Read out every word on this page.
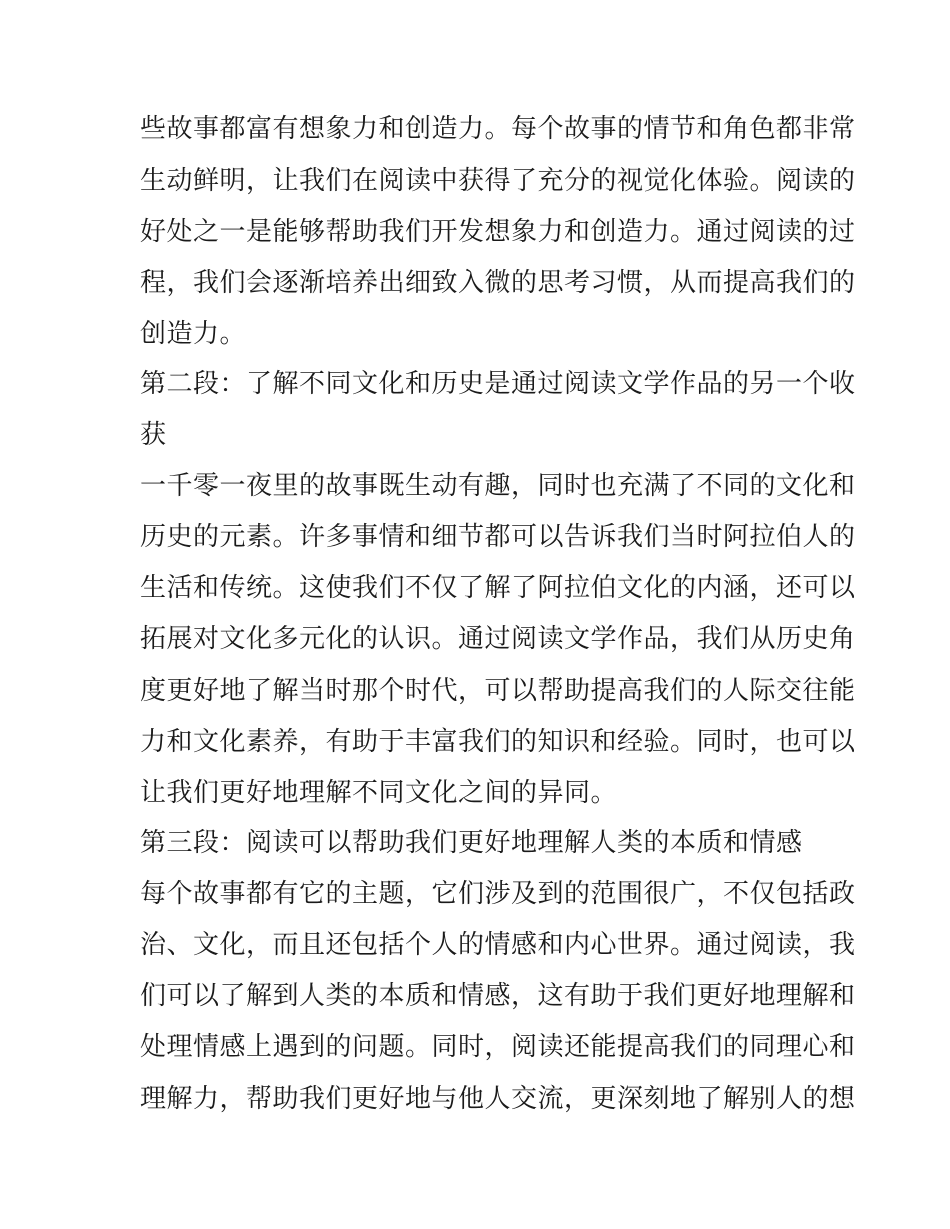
些故事都富有想象力和创造力。每个故事的情节和角色都非常
生动鲜明，让我们在阅读中获得了充分的视觉化体验。阅读的
好处之一是能够帮助我们开发想象力和创造力。通过阅读的过
程，我们会逐渐培养出细致入微的思考习惯，从而提高我们的
创造力。
第二段：了解不同文化和历史是通过阅读文学作品的另一个收
获
一千零一夜里的故事既生动有趣，同时也充满了不同的文化和
历史的元素。许多事情和细节都可以告诉我们当时阿拉伯人的
生活和传统。这使我们不仅了解了阿拉伯文化的内涵，还可以
拓展对文化多元化的认识。通过阅读文学作品，我们从历史角
度更好地了解当时那个时代，可以帮助提高我们的人际交往能
力和文化素养，有助于丰富我们的知识和经验。同时，也可以
让我们更好地理解不同文化之间的异同。
第三段：阅读可以帮助我们更好地理解人类的本质和情感
每个故事都有它的主题，它们涉及到的范围很广，不仅包括政
治、文化，而且还包括个人的情感和内心世界。通过阅读，我
们可以了解到人类的本质和情感，这有助于我们更好地理解和
处理情感上遇到的问题。同时，阅读还能提高我们的同理心和
理解力，帮助我们更好地与他人交流，更深刻地了解别人的想
